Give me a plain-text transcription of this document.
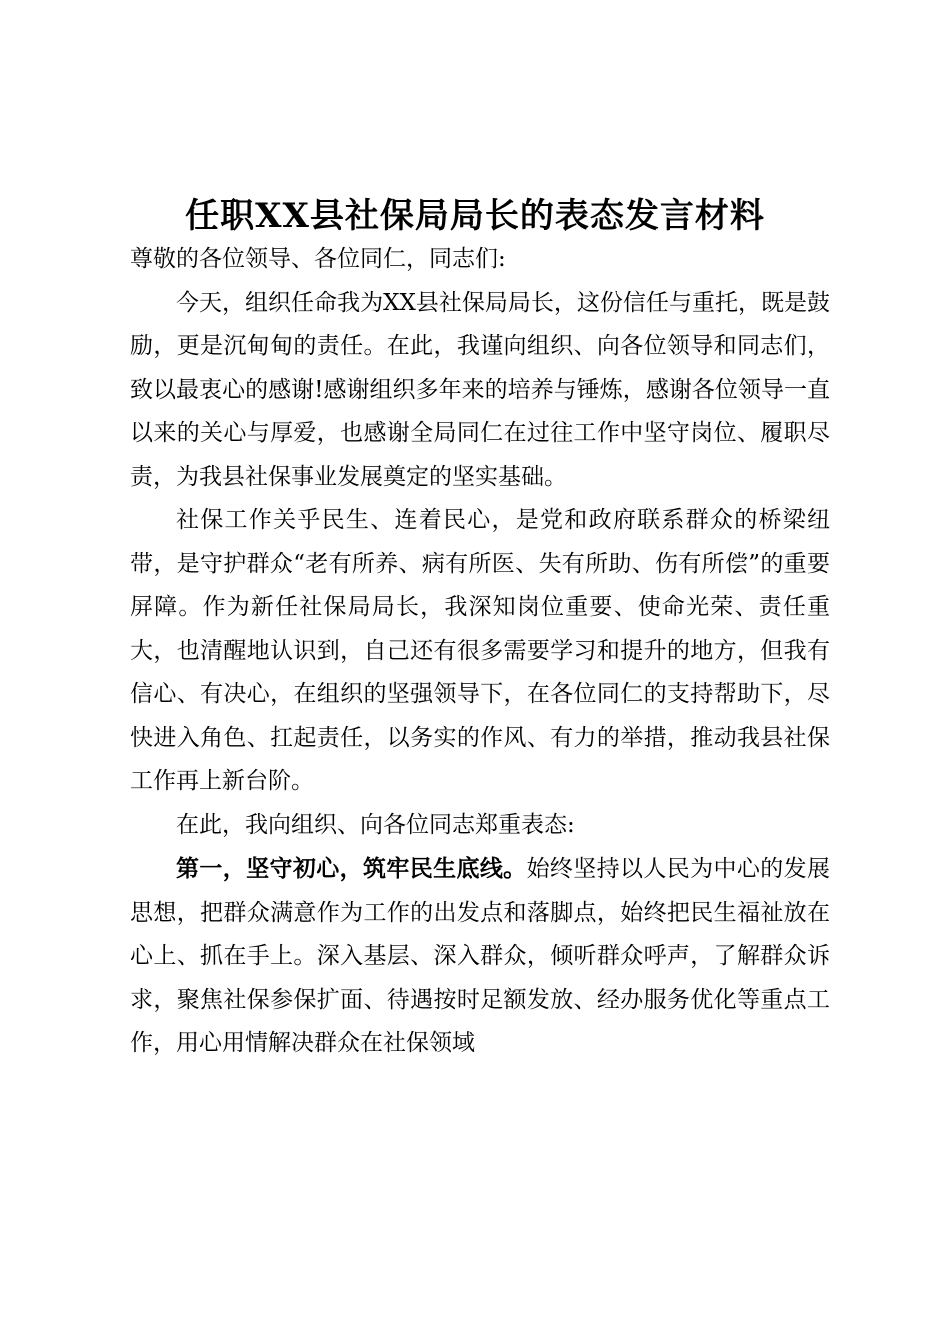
任职XX县社保局局长的表态发言材料

尊敬的各位领导、各位同仁，同志们:

今天，组织任命我为XX县社保局局长，这份信任与重托，既是鼓励，更是沉甸甸的责任。在此，我谨向组织、向各位领导和同志们，致以最衷心的感谢!感谢组织多年来的培养与锤炼，感谢各位领导一直以来的关心与厚爱，也感谢全局同仁在过往工作中坚守岗位、履职尽责，为我县社保事业发展奠定的坚实基础。

社保工作关乎民生、连着民心，是党和政府联系群众的桥梁纽带，是守护群众“老有所养、病有所医、失有所助、伤有所偿”的重要屏障。作为新任社保局局长，我深知岗位重要、使命光荣、责任重大，也清醒地认识到，自己还有很多需要学习和提升的地方，但我有信心、有决心，在组织的坚强领导下，在各位同仁的支持帮助下，尽快进入角色、扛起责任，以务实的作风、有力的举措，推动我县社保工作再上新台阶。

在此，我向组织、向各位同志郑重表态:

第一，坚守初心，筑牢民生底线。始终坚持以人民为中心的发展思想，把群众满意作为工作的出发点和落脚点，始终把民生福祉放在心上、抓在手上。深入基层、深入群众，倾听群众呼声，了解群众诉求，聚焦社保参保扩面、待遇按时足额发放、经办服务优化等重点工作，用心用情解决群众在社保领域
